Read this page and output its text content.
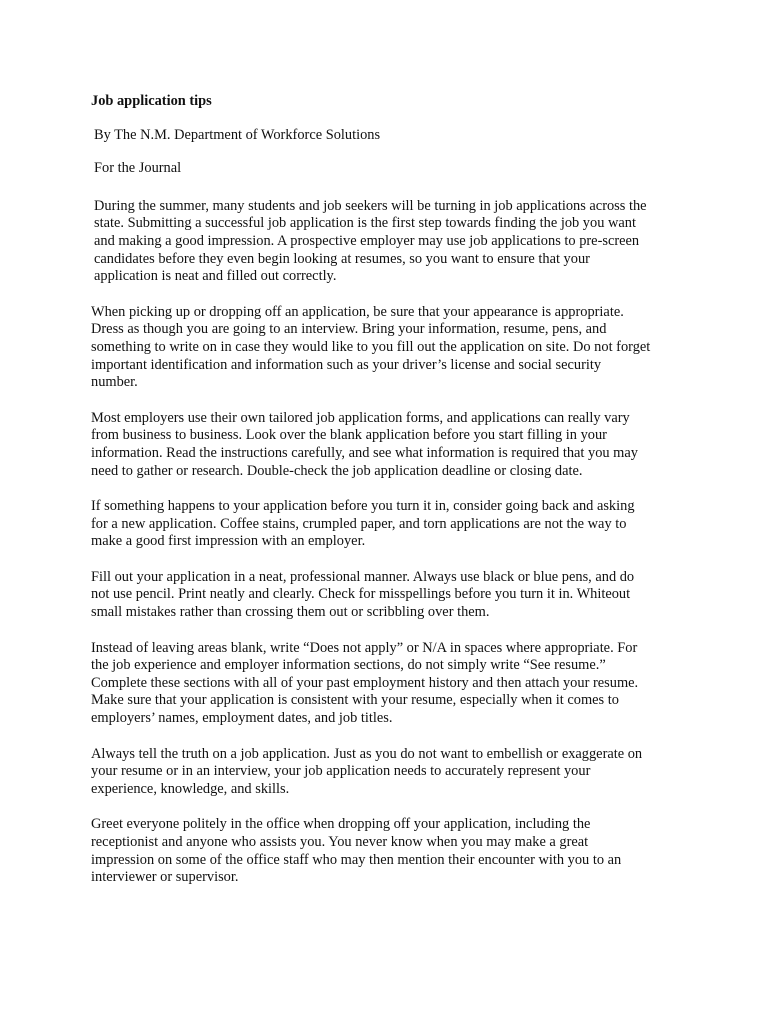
Job application tips
By The N.M. Department of Workforce Solutions
For the Journal
During the summer, many students and job seekers will be turning in job applications across the
state. Submitting a successful job application is the first step towards finding the job you want
and making a good impression. A prospective employer may use job applications to pre-screen
candidates before they even begin looking at resumes, so you want to ensure that your
application is neat and filled out correctly.
When picking up or dropping off an application, be sure that your appearance is appropriate.
Dress as though you are going to an interview. Bring your information, resume, pens, and
something to write on in case they would like to you fill out the application on site. Do not forget
important identification and information such as your driver’s license and social security
number.
Most employers use their own tailored job application forms, and applications can really vary
from business to business. Look over the blank application before you start filling in your
information. Read the instructions carefully, and see what information is required that you may
need to gather or research. Double-check the job application deadline or closing date.
If something happens to your application before you turn it in, consider going back and asking
for a new application. Coffee stains, crumpled paper, and torn applications are not the way to
make a good first impression with an employer.
Fill out your application in a neat, professional manner. Always use black or blue pens, and do
not use pencil. Print neatly and clearly. Check for misspellings before you turn it in. Whiteout
small mistakes rather than crossing them out or scribbling over them.
Instead of leaving areas blank, write “Does not apply” or N/A in spaces where appropriate. For
the job experience and employer information sections, do not simply write “See resume.”
Complete these sections with all of your past employment history and then attach your resume.
Make sure that your application is consistent with your resume, especially when it comes to
employers’ names, employment dates, and job titles.
Always tell the truth on a job application. Just as you do not want to embellish or exaggerate on
your resume or in an interview, your job application needs to accurately represent your
experience, knowledge, and skills.
Greet everyone politely in the office when dropping off your application, including the
receptionist and anyone who assists you. You never know when you may make a great
impression on some of the office staff who may then mention their encounter with you to an
interviewer or supervisor.
